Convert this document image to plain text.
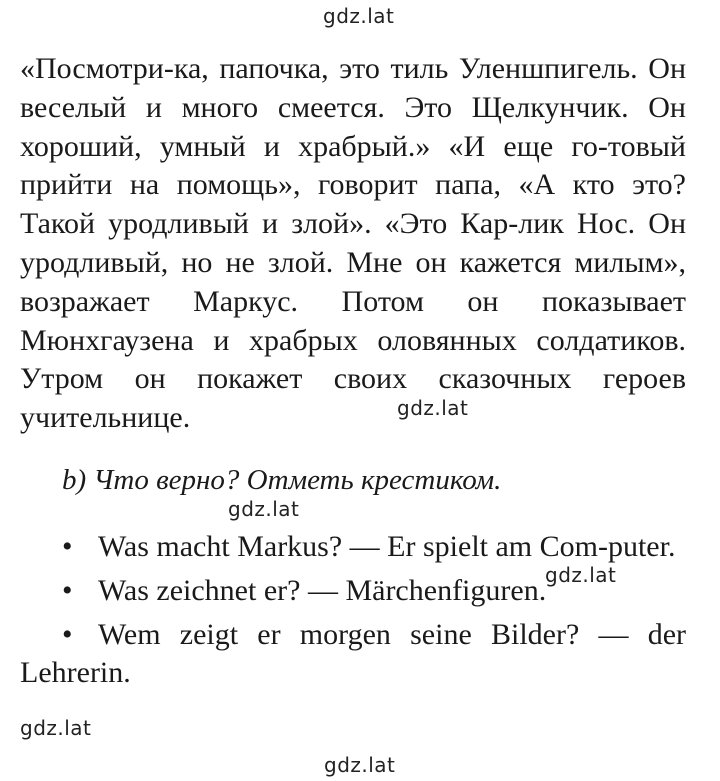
gdz.lat

«Посмотри-ка, папочка, это тиль Уленшпигель. Он веселый и много смеется. Это Щелкунчик. Он хороший, умный и храбрый.» «И еще го-товый прийти на помощь», говорит папа, «А кто это? Такой уродливый и злой». «Это Кар-лик Нос. Он уродливый, но не злой. Мне он кажется милым», возражает Маркус. Потом он показывает Мюнхгаузена и храбрых оловянных солдатиков. Утром он покажет своих сказочных героев учительнице.	gdz.lat

b) Что верно? Отметь крестиком.

gdz.lat
• Was macht Markus? — Er spielt am Com-puter.
• Was zeichnet er? — Märchenfiguren.
• Wem zeigt er morgen seine Bilder? — der Lehrerin.
gdz.lat
gdz.lat
gdz.lat
